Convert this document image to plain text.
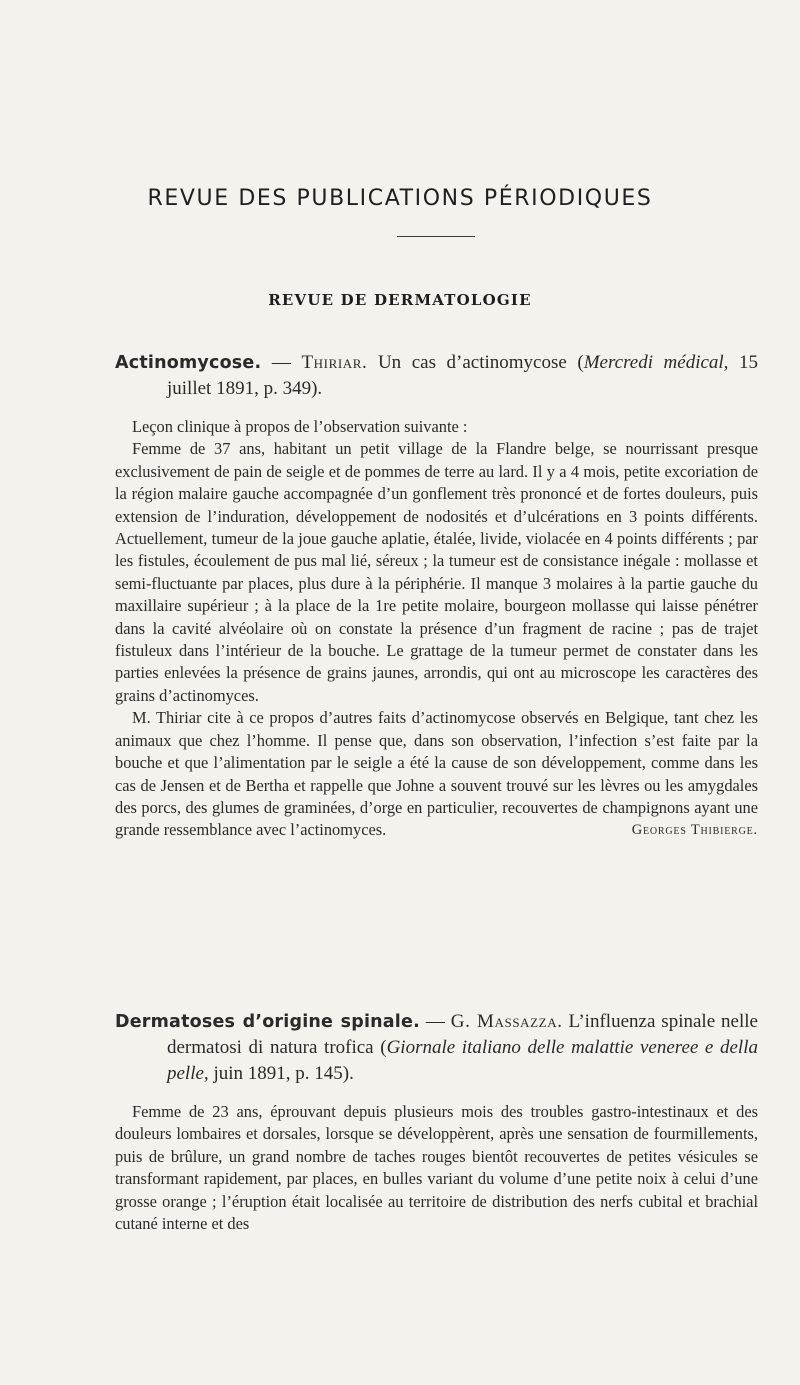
REVUE DES PUBLICATIONS PÉRIODIQUES
REVUE DE DERMATOLOGIE
Actinomycose. — Thiriar. Un cas d’actinomycose (Mercredi médical, 15 juillet 1891, p. 349).

Leçon clinique à propos de l’observation suivante :

Femme de 37 ans, habitant un petit village de la Flandre belge, se nourrissant presque exclusivement de pain de seigle et de pommes de terre au lard. Il y a 4 mois, petite excoriation de la région malaire gauche accompagnée d’un gonflement très prononcé et de fortes douleurs, puis extension de l’induration, développement de nodosités et d’ulcérations en 3 points différents. Actuellement, tumeur de la joue gauche aplatie, étalée, livide, violacée en 4 points différents ; par les fistules, écoulement de pus mal lié, séreux ; la tumeur est de consistance inégale : mollasse et semi-fluctuante par places, plus dure à la périphérie. Il manque 3 molaires à la partie gauche du maxillaire supérieur ; à la place de la 1re petite molaire, bourgeon mollasse qui laisse pénétrer dans la cavité alvéolaire où on constate la présence d’un fragment de racine ; pas de trajet fistuleux dans l’intérieur de la bouche. Le grattage de la tumeur permet de constater dans les parties enlevées la présence de grains jaunes, arrondis, qui ont au microscope les caractères des grains d’actinomyces.

M. Thiriar cite à ce propos d’autres faits d’actinomycose observés en Belgique, tant chez les animaux que chez l’homme. Il pense que, dans son observation, l’infection s’est faite par la bouche et que l’alimentation par le seigle a été la cause de son développement, comme dans les cas de Jensen et de Bertha et rappelle que Johne a souvent trouvé sur les lèvres ou les amygdales des porcs, des glumes de graminées, d’orge en particulier, recouvertes de champignons ayant une grande ressemblance avec l’actinomyces.	Georges Thibierge.

Dermatoses d’origine spinale. — G. Massazza. L’influenza spinale nelle dermatosi di natura trofica (Giornale italiano delle malattie veneree e della pelle, juin 1891, p. 145).

Femme de 23 ans, éprouvant depuis plusieurs mois des troubles gastro-intestinaux et des douleurs lombaires et dorsales, lorsque se développèrent, après une sensation de fourmillements, puis de brûlure, un grand nombre de taches rouges bientôt recouvertes de petites vésicules se transformant rapidement, par places, en bulles variant du volume d’une petite noix à celui d’une grosse orange ; l’éruption était localisée au territoire de distribution des nerfs cubital et brachial cutané interne et des
